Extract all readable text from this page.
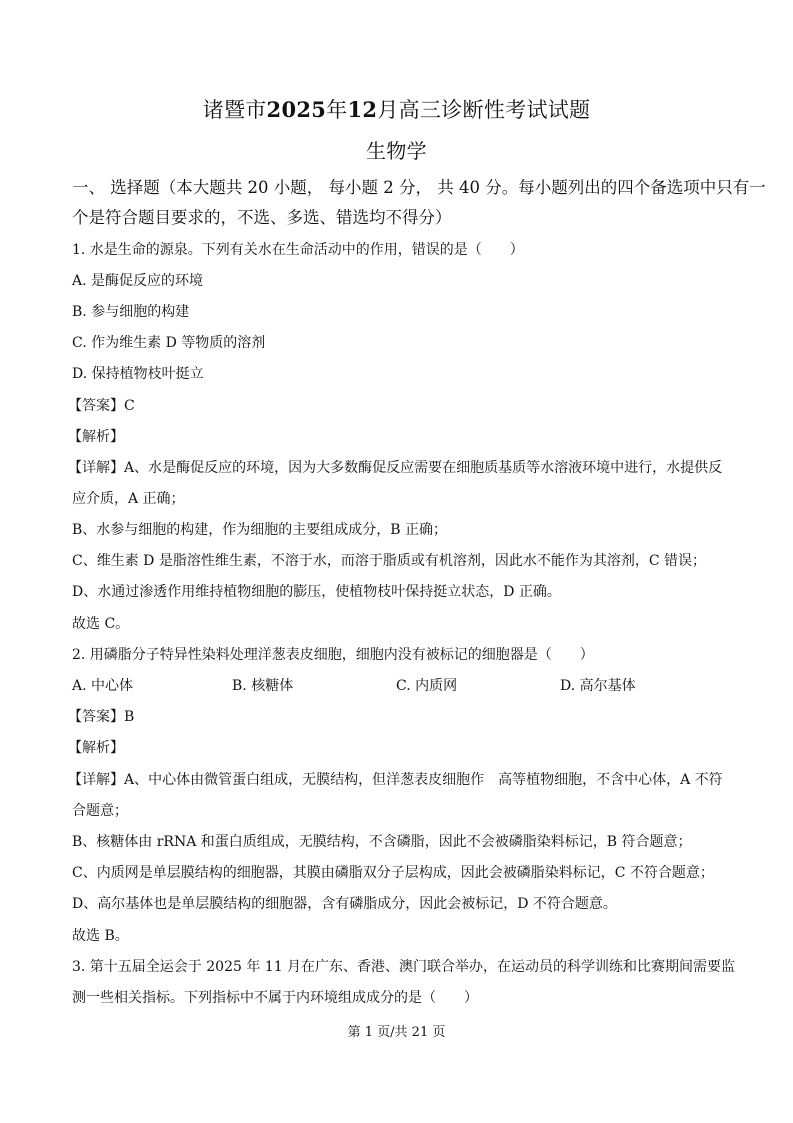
诸暨市2025年12月高三诊断性考试试题
生物学
一、 选择题（本大题共 20 小题， 每小题 2 分， 共 40 分。每小题列出的四个备选项中只有一
个是符合题目要求的，不选、多选、错选均不得分）
1. 水是生命的源泉。下列有关水在生命活动中的作用，错误的是（　　）
A. 是酶促反应的环境
B. 参与细胞的构建
C. 作为维生素 D 等物质的溶剂
D. 保持植物枝叶挺立
【答案】C
【解析】
【详解】A、水是酶促反应的环境，因为大多数酶促反应需要在细胞质基质等水溶液环境中进行，水提供反
应介质，A 正确；
B、水参与细胞的构建，作为细胞的主要组成成分，B 正确；
C、维生素 D 是脂溶性维生素，不溶于水，而溶于脂质或有机溶剂，因此水不能作为其溶剂，C 错误；
D、水通过渗透作用维持植物细胞的膨压，使植物枝叶保持挺立状态，D 正确。
故选 C。
2. 用磷脂分子特异性染料处理洋葱表皮细胞，细胞内没有被标记的细胞器是（　　）
A. 中心体	B. 核糖体	C. 内质网	D. 高尔基体
【答案】B
【解析】
【详解】A、中心体由微管蛋白组成，无膜结构，但洋葱表皮细胞作　高等植物细胞，不含中心体，A 不符
合题意；
B、核糖体由 rRNA 和蛋白质组成，无膜结构，不含磷脂，因此不会被磷脂染料标记，B 符合题意；
C、内质网是单层膜结构的细胞器，其膜由磷脂双分子层构成，因此会被磷脂染料标记，C 不符合题意；
D、高尔基体也是单层膜结构的细胞器，含有磷脂成分，因此会被标记，D 不符合题意。
故选 B。
3. 第十五届全运会于 2025 年 11 月在广东、香港、澳门联合举办，在运动员的科学训练和比赛期间需要监
测一些相关指标。下列指标中不属于内环境组成成分的是（　　）
第 1 页/共 21 页
